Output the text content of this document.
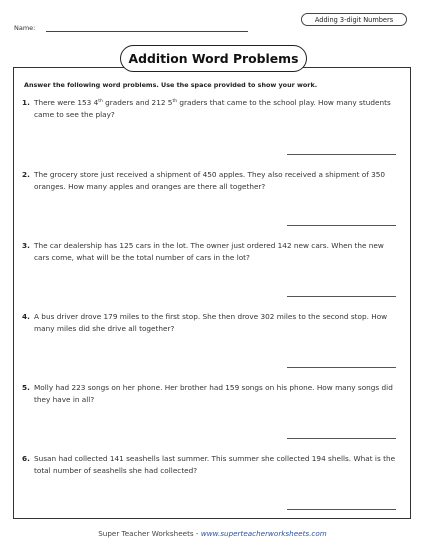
Name:
Adding 3-digit Numbers
Addition Word Problems
Answer the following word problems. Use the space provided to show your work.
1. There were 153 4th graders and 212 5th graders that came to the school play. How many students came to see the play?
2. The grocery store just received a shipment of 450 apples. They also received a shipment of 350 oranges. How many apples and oranges are there all together?
3. The car dealership has 125 cars in the lot. The owner just ordered 142 new cars. When the new cars come, what will be the total number of cars in the lot?
4. A bus driver drove 179 miles to the first stop. She then drove 302 miles to the second stop. How many miles did she drive all together?
5. Molly had 223 songs on her phone. Her brother had 159 songs on his phone. How many songs did they have in all?
6. Susan had collected 141 seashells last summer. This summer she collected 194 shells. What is the total number of seashells she had collected?
Super Teacher Worksheets - www.superteacherworksheets.com
